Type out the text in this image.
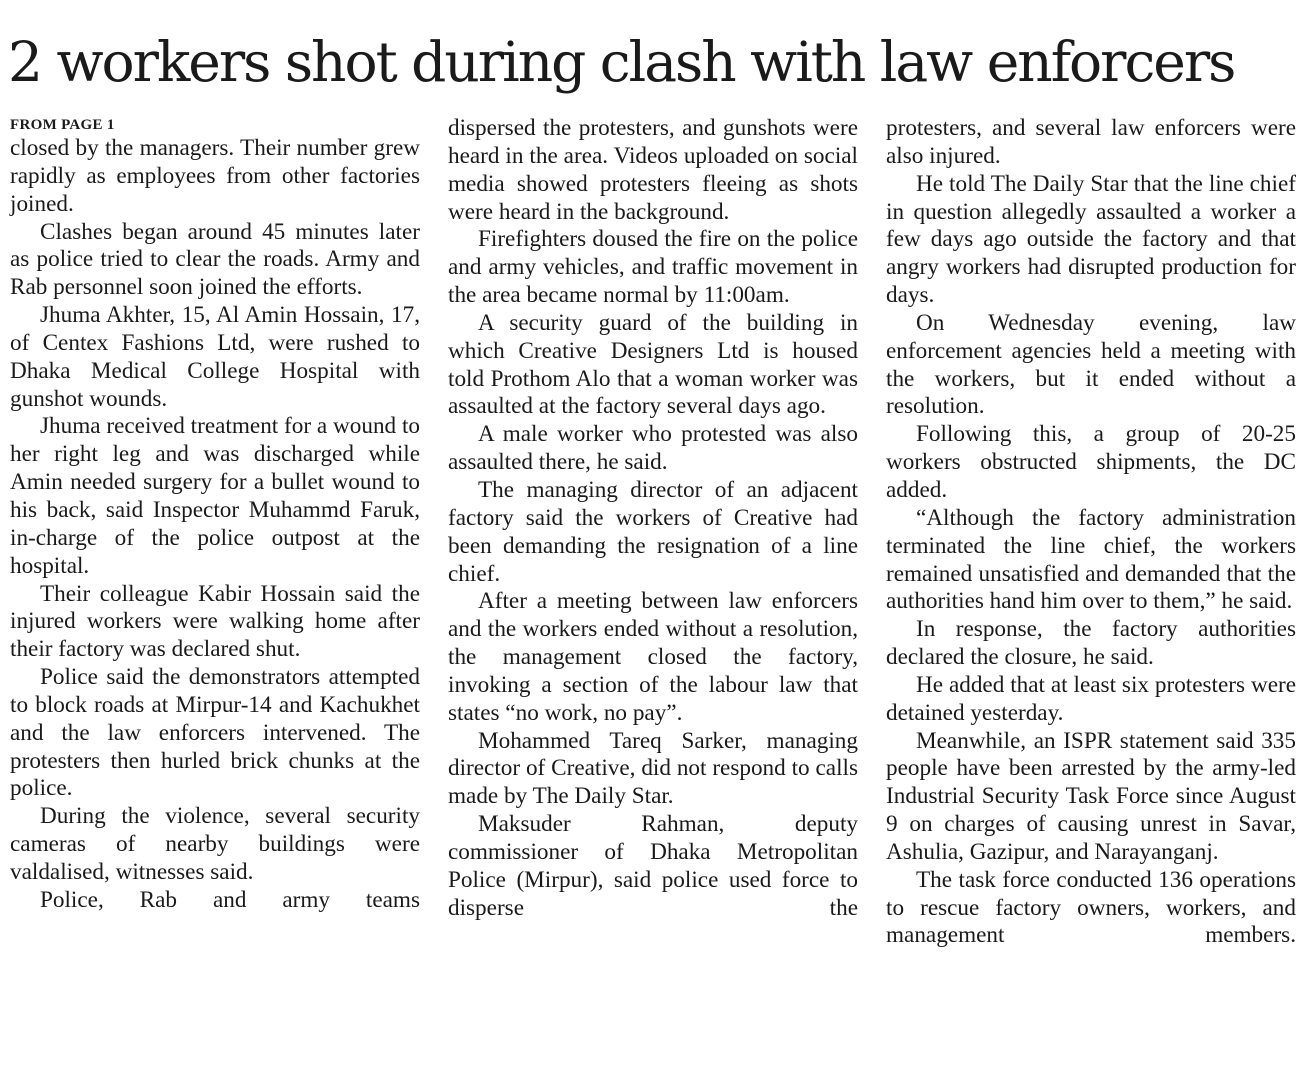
2 workers shot during clash with law enforcers
FROM PAGE 1

closed by the managers. Their number grew rapidly as employees from other factories joined.

Clashes began around 45 minutes later as police tried to clear the roads. Army and Rab personnel soon joined the efforts.

Jhuma Akhter, 15, Al Amin Hossain, 17, of Centex Fashions Ltd, were rushed to Dhaka Medical College Hospital with gunshot wounds.

Jhuma received treatment for a wound to her right leg and was discharged while Amin needed surgery for a bullet wound to his back, said Inspector Muhammd Faruk, in-charge of the police outpost at the hospital.

Their colleague Kabir Hossain said the injured workers were walking home after their factory was declared shut.

Police said the demonstrators attempted to block roads at Mirpur-14 and Kachukhet and the law enforcers intervened. The protesters then hurled brick chunks at the police.

During the violence, several security cameras of nearby buildings were valdalised, witnesses said.

Police, Rab and army teams

dispersed the protesters, and gunshots were heard in the area. Videos uploaded on social media showed protesters fleeing as shots were heard in the background.

Firefighters doused the fire on the police and army vehicles, and traffic movement in the area became normal by 11:00am.

A security guard of the building in which Creative Designers Ltd is housed told Prothom Alo that a woman worker was assaulted at the factory several days ago.

A male worker who protested was also assaulted there, he said.

The managing director of an adjacent factory said the workers of Creative had been demanding the resignation of a line chief.

After a meeting between law enforcers and the workers ended without a resolution, the management closed the factory, invoking a section of the labour law that states “no work, no pay”.

Mohammed Tareq Sarker, managing director of Creative, did not respond to calls made by The Daily Star.

Maksuder Rahman, deputy commissioner of Dhaka Metropolitan Police (Mirpur), said police used force to disperse the

protesters, and several law enforcers were also injured.

He told The Daily Star that the line chief in question allegedly assaulted a worker a few days ago outside the factory and that angry workers had disrupted production for days.

On Wednesday evening, law enforcement agencies held a meeting with the workers, but it ended without a resolution.

Following this, a group of 20-25 workers obstructed shipments, the DC added.

“Although the factory administration terminated the line chief, the workers remained unsatisfied and demanded that the authorities hand him over to them,” he said.

In response, the factory authorities declared the closure, he said.

He added that at least six protesters were detained yesterday.

Meanwhile, an ISPR statement said 335 people have been arrested by the army-led Industrial Security Task Force since August 9 on charges of causing unrest in Savar, Ashulia, Gazipur, and Narayanganj.

The task force conducted 136 operations to rescue factory owners, workers, and management members.
